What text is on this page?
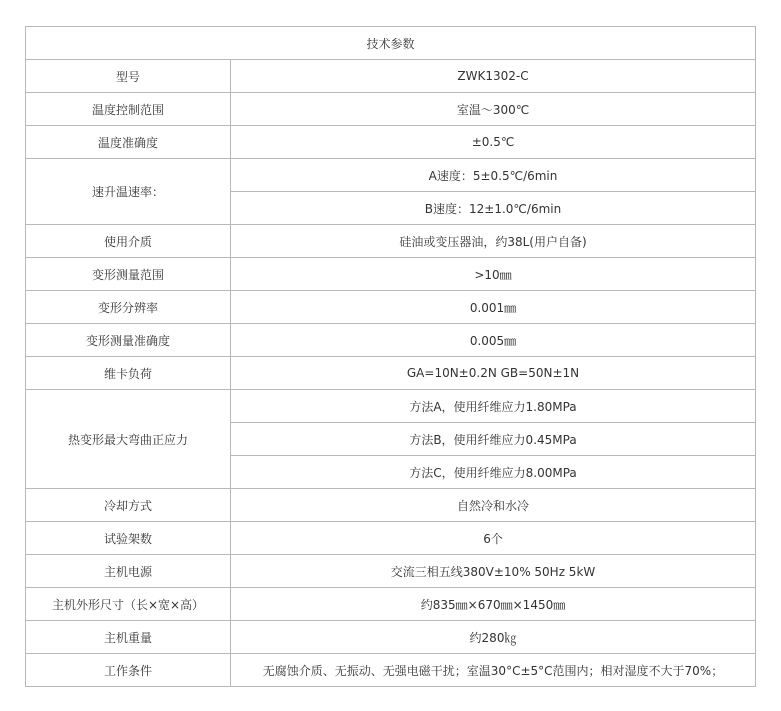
技术参数	
型号	ZWK1302-C
温度控制范围	室温～300℃
温度准确度	±0.5℃
速升温速率：	A速度：5±0.5℃/6min
	B速度：12±1.0℃/6min
使用介质	硅油或变压器油，约38L(用户自备)
变形测量范围	>10㎜
变形分辨率	0.001㎜
变形测量准确度	0.005㎜
维卡负荷	GA=10N±0.2N GB=50N±1N
热变形最大弯曲正应力	方法A，使用纤维应力1.80MPa
	方法B，使用纤维应力0.45MPa
	方法C，使用纤维应力8.00MPa
冷却方式	自然冷和水冷
试验架数	6个
主机电源	交流三相五线380V±10% 50Hz 5kW
主机外形尺寸（长×宽×高）	约835㎜×670㎜×1450㎜
主机重量	约280㎏
工作条件	无腐蚀介质、无振动、无强电磁干扰；室温30°C±5°C范围内；相对湿度不大于70%；
